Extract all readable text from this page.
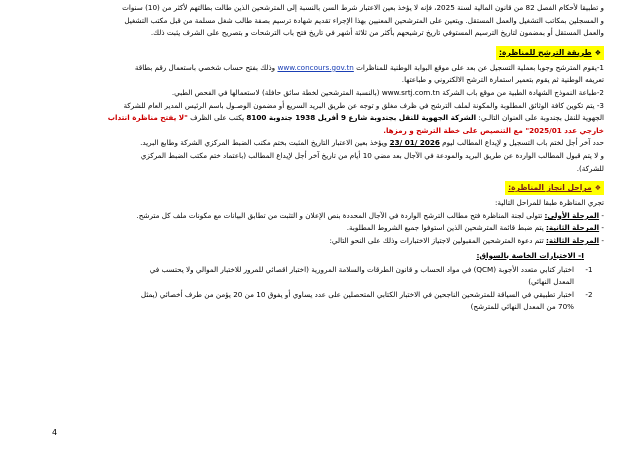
و تطبيقا لأحكام الفصل 82 من قانون المالية لسنة 2025، فإنه لا يؤخذ بعين الاعتبار شرط السن بالنسبة إلى المترشحين الذين طالت بطالتهم لأكثر من (10) سنوات

و المسجلين بمكاتب التشغيل والعمل المستقل. ويتعين على المترشحين المعنيين بهذا الإجراء تقديم شهادة ترسيم بصفة طالب شغل مسلمة من قبل مكتب التشغيل

والعمل المستقل أو بمضمون لتاريخ الترسيم المستوفي تاريخ ترشيحهم بأكثر من ثلاثة أشهر في تاريخ فتح باب الترشحات و بتصريح على الشرف يثبت ذلك.

❖طريقة الترشح للمناظرة:

1-يقوم المترشح وجوبا بعملية التسجيل عن بعد على موقع البوابة الوطنية للمناظرات www.concours.gov.tn وذلك بفتح حساب شخصي باستعمال رقم بطاقة

تعريفه الوطنية ثم يقوم بتعمير استمارة الترشح الالكتروني و طباعتها.

2-طباعة النموذج الشهادة الطبية من موقع باب الشركة www.srtj.com.tn (بالنسبة المترشحين لخطة سائق حافلة) لاستعمالها في الفحص الطبي.

3- يتم تكوين كافة الوثائق المطلوبة والمكونة لملف الترشح في ظرف مغلق و توجه عن طريق البريد السريع أو مضمون الوصـول باسم الرئيس المدير العام للشركة

الجهوية للنقل بجندوبة على العنوان التالـي: الشركة الجهوية للنقل بجندوبة شارع 9 أفريل 1938 جندوبة 8100 يكتب على الظرف "لا يفتح مناظرة انتداب

خارجي عدد 2025/01" مع التنصيص على خطة الترشح و رمزها.

حدد آخر أجل لختم باب التسجيل و لإيداع المطالب ليوم 23/ 01/ 2026 ويؤخذ بعين الاعتبار التاريخ المثبت بختم مكتب الضبط المركزي الشركة وطابع البريد.

و لا يتم قبول المطالب الواردة عن طريق البريد والمودعة في الآجال بعد مضي 10 أيام من تاريخ آخر أجل لإيداع المطالب (باعتماد ختم مكتب الضبط المركزي

للشركة).

❖مراحل انجاز المناظرة:

تجري المناظرة طبقا للمراحل التالية:

- المرحلة الأولى: تتولى لجنة المناظرة فتح مطالب الترشح الواردة في الآجال المحددة بنص الإعلان و التثبت من تطابق البيانات مع مكونات ملف كل مترشح.

- المرحلة الثانية: يتم ضبط قائمة المترشحين الذين استوفوا جميع الشروط المطلوبة.

- المرحلة الثالثة: تتم دعوة المترشحين المقبولين لاجتياز الاختبارات وذلك على النحو التالي:

I- الاختبارات الخاصة بالسواق:
1-
اختبار كتابي متعدد الأجوبة (QCM) في مواد الحساب و قانون الطرقات والسلامة المرورية (اختبار اقصائي للمرور للاختبار الموالي ولا يحتسب في
المعدل النهائي)
2-
اختبار تطبيقي في السياقة للمترشحين الناجحين في الاختبار الكتابي المتحصلين على عدد يساوي أو يفوق 10 من 20 يؤمن من طرف أخصائي (يمثل
70% من المعدل النهائي للمترشح)
4
